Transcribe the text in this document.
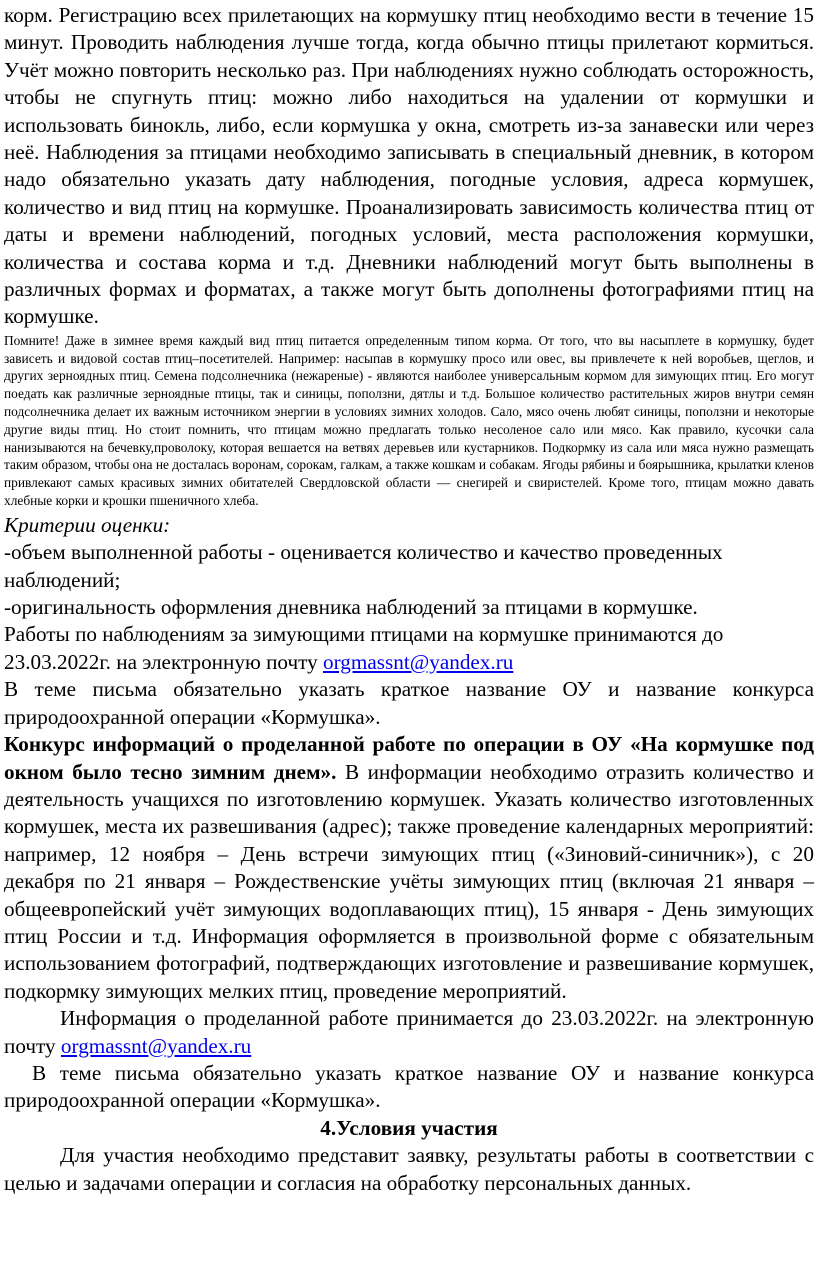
корм. Регистрацию всех прилетающих на кормушку птиц необходимо вести в течение 15 минут. Проводить наблюдения лучше тогда, когда обычно птицы прилетают кормиться. Учёт можно повторить несколько раз. При наблюдениях нужно соблюдать осторожность, чтобы не спугнуть птиц: можно либо находиться на удалении от кормушки и использовать бинокль, либо, если кормушка у окна, смотреть из-за занавески или через неё. Наблюдения за птицами необходимо записывать в специальный дневник, в котором надо обязательно указать дату наблюдения, погодные условия, адреса кормушек, количество и вид птиц на кормушке. Проанализировать зависимость количества птиц от даты и времени наблюдений, погодных условий, места расположения кормушки, количества и состава корма и т.д. Дневники наблюдений могут быть выполнены в различных формах и форматах, а также могут быть дополнены фотографиями птиц на кормушке.

Помните! Даже в зимнее время каждый вид птиц питается определенным типом корма. От того, что вы насыплете в кормушку, будет зависеть и видовой состав птиц–посетителей. Например: насыпав в кормушку просо или овес, вы привлечете к ней воробьев, щеглов, и других зерноядных птиц. Семена подсолнечника (нежареные) - являются наиболее универсальным кормом для зимующих птиц. Его могут поедать как различные зерноядные птицы, так и синицы, поползни, дятлы и т.д. Большое количество растительных жиров внутри семян подсолнечника делает их важным источником энергии в условиях зимних холодов. Сало, мясо очень любят синицы, поползни и некоторые другие виды птиц. Но стоит помнить, что птицам можно предлагать только несоленое сало или мясо. Как правило, кусочки сала нанизываются на бечевку,проволоку, которая вешается на ветвях деревьев или кустарников. Подкормку из сала или мяса нужно размещать таким образом, чтобы она не досталась воронам, сорокам, галкам, а также кошкам и собакам. Ягоды рябины и боярышника, крылатки кленов привлекают самых красивых зимних обитателей Свердловской области — снегирей и свиристелей. Кроме того, птицам можно давать хлебные корки и крошки пшеничного хлеба.

Критерии оценки:

-объем выполненной работы - оценивается количество и качество проведенных наблюдений;

-оригинальность оформления дневника наблюдений за птицами в кормушке.

Работы по наблюдениям за зимующими птицами на кормушке принимаются до 23.03.2022г. на электронную почту orgmassnt@yandex.ru

В теме письма обязательно указать краткое название ОУ и название конкурса природоохранной операции «Кормушка».

Конкурс информаций о проделанной работе по операции в ОУ «На кормушке под окном было тесно зимним днем». В информации необходимо отразить количество и деятельность учащихся по изготовлению кормушек. Указать количество изготовленных кормушек, места их развешивания (адрес); также проведение календарных мероприятий: например, 12 ноября – День встречи зимующих птиц («Зиновий-синичник»), с 20 декабря по 21 января – Рождественские учёты зимующих птиц (включая 21 января – общеевропейский учёт зимующих водоплавающих птиц), 15 января - День зимующих птиц России и т.д. Информация оформляется в произвольной форме с обязательным использованием фотографий, подтверждающих изготовление и развешивание кормушек, подкормку зимующих мелких птиц, проведение мероприятий.

Информация о проделанной работе принимается до 23.03.2022г. на электронную почту orgmassnt@yandex.ru

В теме письма обязательно указать краткое название ОУ и название конкурса природоохранной операции «Кормушка».

4.Условия участия

Для участия необходимо представит заявку, результаты работы в соответствии с целью и задачами операции и согласия на обработку персональных данных.
